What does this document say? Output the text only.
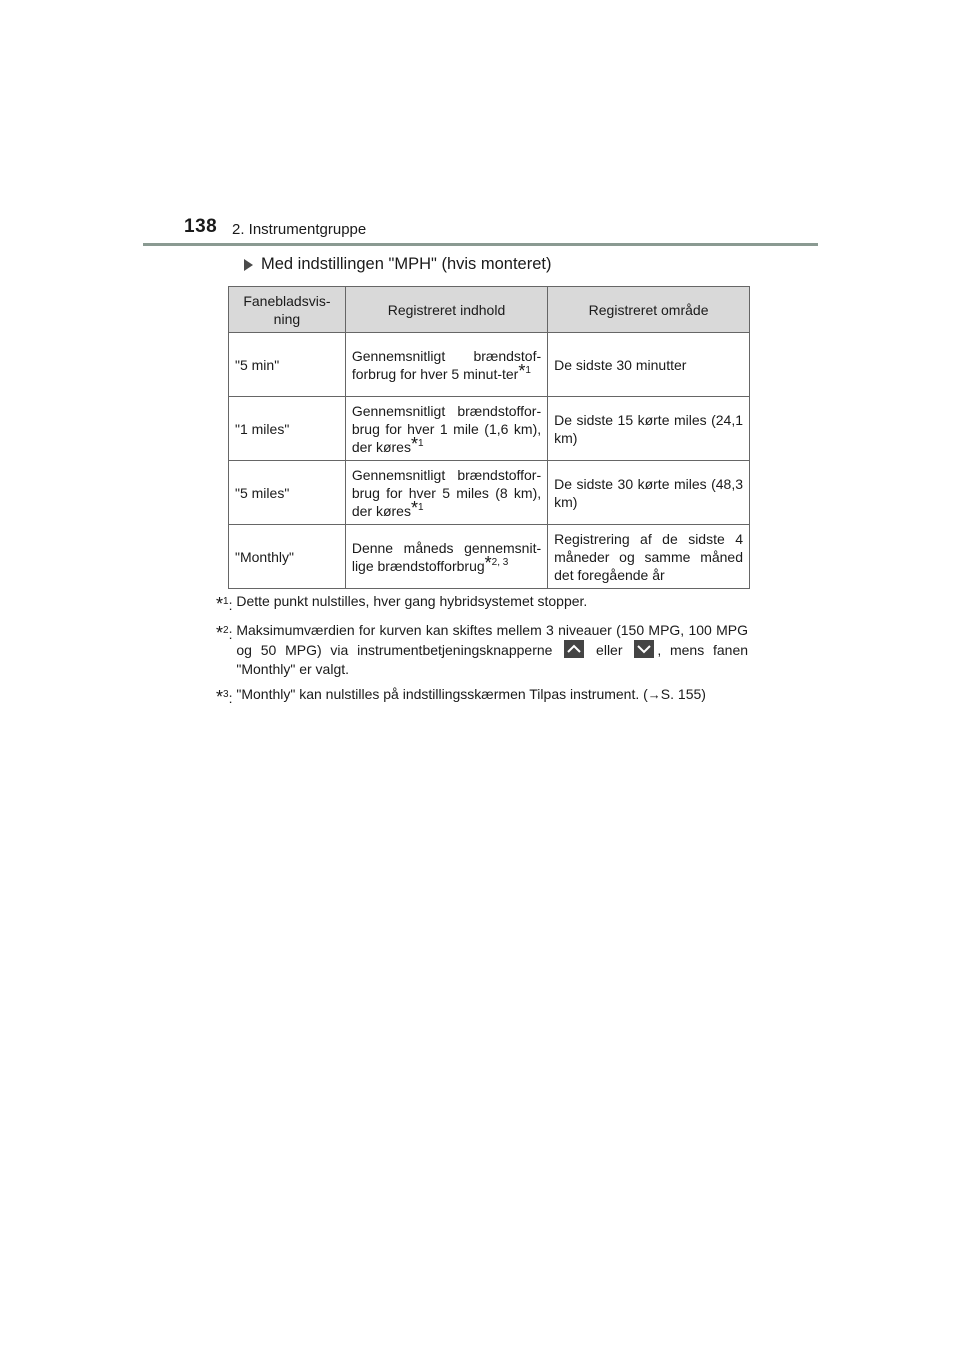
138 2. Instrumentgruppe
Med indstillingen "MPH" (hvis monteret)
Fanebladsvis-ning	Registreret indhold	Registreret område
"5 min"	Gennemsnitligt brændstof-forbrug for hver 5 minut-ter$^{*1}$	De sidste 30 minutter
"1 miles"	Gennemsnitligt brændstoffor-brug for hver 1 mile (1,6 km), der køres$^{*1}$	De sidste 15 kørte miles (24,1 km)
"5 miles"	Gennemsnitligt brændstoffor-brug for hver 5 miles (8 km), der køres$^{*1}$	De sidste 30 kørte miles (48,3 km)
"Monthly"	Denne måneds gennemsnit-lige brændstofforbrug$^{*2, 3}$	Registrering af de sidste 4 måneder og samme måned det foregående år
*$^1$: Dette punkt nulstilles, hver gang hybridsystemet stopper.
*$^2$: Maksimumværdien for kurven kan skiftes mellem 3 niveauer (150 MPG, 100 MPG og 50 MPG) via instrumentbetjeningsknapperne	eller , mens fanen "Monthly" er valgt.
*$^3$: "Monthly" kan nulstilles på indstillingsskærmen Tilpas instrument. (→S. 155)
